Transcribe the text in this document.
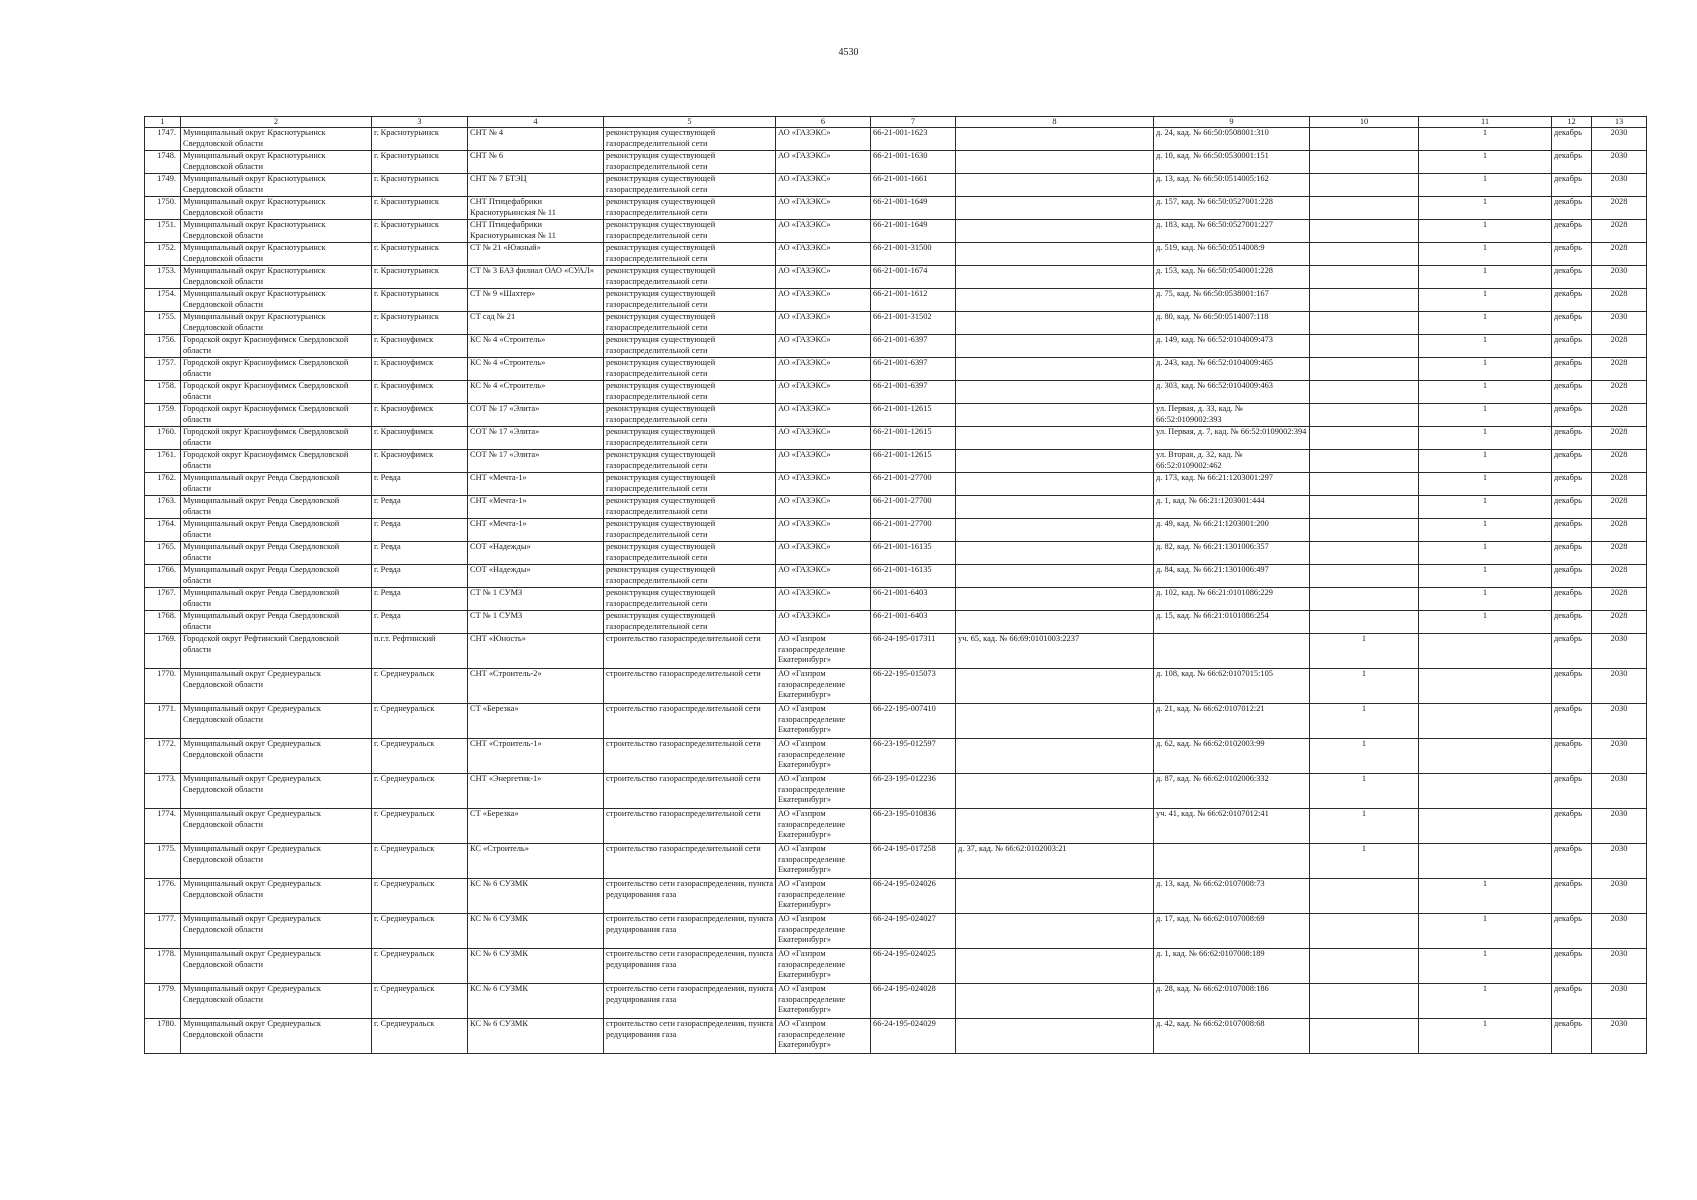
4530
1	2	3	4	5	6	7	8	9	10	11	12	13
1747.	Муниципальный округ Краснотурьинск Свердловской области	г. Краснотурьинск	СНТ № 4	реконструкция существующей газораспределительной сети	АО «ГАЗЭКС»	66-21-001-1623		д. 24, кад. № 66:50:0508001:310		1	декабрь	2030
1748.	Муниципальный округ Краснотурьинск Свердловской области	г. Краснотурьинск	СНТ № 6	реконструкция существующей газораспределительной сети	АО «ГАЗЭКС»	66-21-001-1630		д. 10, кад. № 66:50:0530001:151		1	декабрь	2030
1749.	Муниципальный округ Краснотурьинск Свердловской области	г. Краснотурьинск	СНТ № 7 БТЭЦ	реконструкция существующей газораспределительной сети	АО «ГАЗЭКС»	66-21-001-1661		д. 13, кад. № 66:50:0514005:162		1	декабрь	2030
1750.	Муниципальный округ Краснотурьинск Свердловской области	г. Краснотурьинск	СНТ Птицефабрики Краснотурьинская № 11	реконструкция существующей газораспределительной сети	АО «ГАЗЭКС»	66-21-001-1649		д. 157, кад. № 66:50:0527001:228		1	декабрь	2028
1751.	Муниципальный округ Краснотурьинск Свердловской области	г. Краснотурьинск	СНТ Птицефабрики Краснотурьинская № 11	реконструкция существующей газораспределительной сети	АО «ГАЗЭКС»	66-21-001-1649		д. 183, кад. № 66:50:0527001:227		1	декабрь	2028
1752.	Муниципальный округ Краснотурьинск Свердловской области	г. Краснотурьинск	СТ № 21 «Южный»	реконструкция существующей газораспределительной сети	АО «ГАЗЭКС»	66-21-001-31500		д. 519, кад. № 66:50:0514008:9		1	декабрь	2028
1753.	Муниципальный округ Краснотурьинск Свердловской области	г. Краснотурьинск	СТ № 3 БАЗ филиал ОАО «СУАЛ»	реконструкция существующей газораспределительной сети	АО «ГАЗЭКС»	66-21-001-1674		д. 153, кад. № 66:50:0540001:228		1	декабрь	2030
1754.	Муниципальный округ Краснотурьинск Свердловской области	г. Краснотурьинск	СТ № 9 «Шахтер»	реконструкция существующей газораспределительной сети	АО «ГАЗЭКС»	66-21-001-1612		д. 75, кад. № 66:50:0538001:167		1	декабрь	2028
1755.	Муниципальный округ Краснотурьинск Свердловской области	г. Краснотурьинск	СТ сад № 21	реконструкция существующей газораспределительной сети	АО «ГАЗЭКС»	66-21-001-31502		д. 80, кад. № 66:50:0514007:118		1	декабрь	2030
1756.	Городской округ Красноуфимск Свердловской области	г. Красноуфимск	КС № 4 «Строитель»	реконструкция существующей газораспределительной сети	АО «ГАЗЭКС»	66-21-001-6397		д. 149, кад. № 66:52:0104009:473		1	декабрь	2028
1757.	Городской округ Красноуфимск Свердловской области	г. Красноуфимск	КС № 4 «Строитель»	реконструкция существующей газораспределительной сети	АО «ГАЗЭКС»	66-21-001-6397		д. 243, кад. № 66:52:0104009:465		1	декабрь	2028
1758.	Городской округ Красноуфимск Свердловской области	г. Красноуфимск	КС № 4 «Строитель»	реконструкция существующей газораспределительной сети	АО «ГАЗЭКС»	66-21-001-6397		д. 303, кад. № 66:52:0104009:463		1	декабрь	2028
1759.	Городской округ Красноуфимск Свердловской области	г. Красноуфимск	СОТ № 17 «Элита»	реконструкция существующей газораспределительной сети	АО «ГАЗЭКС»	66-21-001-12615		ул. Первая, д. 33, кад. № 66:52:0109002:393		1	декабрь	2028
1760.	Городской округ Красноуфимск Свердловской области	г. Красноуфимск	СОТ № 17 «Элита»	реконструкция существующей газораспределительной сети	АО «ГАЗЭКС»	66-21-001-12615		ул. Первая, д. 7, кад. № 66:52:0109002:394		1	декабрь	2028
1761.	Городской округ Красноуфимск Свердловской области	г. Красноуфимск	СОТ № 17 «Элита»	реконструкция существующей газораспределительной сети	АО «ГАЗЭКС»	66-21-001-12615		ул. Вторая, д. 32, кад. № 66:52:0109002:462		1	декабрь	2028
1762.	Муниципальный округ Ревда Свердловской области	г. Ревда	СНТ «Мечта-1»	реконструкция существующей газораспределительной сети	АО «ГАЗЭКС»	66-21-001-27700		д. 173, кад. № 66:21:1203001:297		1	декабрь	2028
1763.	Муниципальный округ Ревда Свердловской области	г. Ревда	СНТ «Мечта-1»	реконструкция существующей газораспределительной сети	АО «ГАЗЭКС»	66-21-001-27700		д. 1, кад. № 66:21:1203001:444		1	декабрь	2028
1764.	Муниципальный округ Ревда Свердловской области	г. Ревда	СНТ «Мечта-1»	реконструкция существующей газораспределительной сети	АО «ГАЗЭКС»	66-21-001-27700		д. 49, кад. № 66:21:1203001:200		1	декабрь	2028
1765.	Муниципальный округ Ревда Свердловской области	г. Ревда	СОТ «Надежды»	реконструкция существующей газораспределительной сети	АО «ГАЗЭКС»	66-21-001-16135		д. 82, кад. № 66:21:1301006:357		1	декабрь	2028
1766.	Муниципальный округ Ревда Свердловской области	г. Ревда	СОТ «Надежды»	реконструкция существующей газораспределительной сети	АО «ГАЗЭКС»	66-21-001-16135		д. 84, кад. № 66:21:1301006:497		1	декабрь	2028
1767.	Муниципальный округ Ревда Свердловской области	г. Ревда	СТ № 1 СУМЗ	реконструкция существующей газораспределительной сети	АО «ГАЗЭКС»	66-21-001-6403		д. 102, кад. № 66:21:0101086:229		1	декабрь	2028
1768.	Муниципальный округ Ревда Свердловской области	г. Ревда	СТ № 1 СУМЗ	реконструкция существующей газораспределительной сети	АО «ГАЗЭКС»	66-21-001-6403		д. 15, кад. № 66:21:0101086:254		1	декабрь	2028
1769.	Городской округ Рефтинский Свердловской области	п.г.т. Рефтинский	СНТ «Юность»	строительство газораспределительной сети	АО «Газпром газораспределение Екатеринбург»	66-24-195-017311	уч. 65, кад. № 66:69:0101003:2237		1		декабрь	2030
1770.	Муниципальный округ Среднеуральск Свердловской области	г. Среднеуральск	СНТ «Строитель-2»	строительство газораспределительной сети	АО «Газпром газораспределение Екатеринбург»	66-22-195-015073		д. 108, кад. № 66:62:0107015:105	1		декабрь	2030
1771.	Муниципальный округ Среднеуральск Свердловской области	г. Среднеуральск	СТ «Березка»	строительство газораспределительной сети	АО «Газпром газораспределение Екатеринбург»	66-22-195-007410		д. 21, кад. № 66:62:0107012:21	1		декабрь	2030
1772.	Муниципальный округ Среднеуральск Свердловской области	г. Среднеуральск	СНТ «Строитель-1»	строительство газораспределительной сети	АО «Газпром газораспределение Екатеринбург»	66-23-195-012597		д. 62, кад. № 66:62:0102003:99	1		декабрь	2030
1773.	Муниципальный округ Среднеуральск Свердловской области	г. Среднеуральск	СНТ «Энергетик-1»	строительство газораспределительной сети	АО «Газпром газораспределение Екатеринбург»	66-23-195-012236		д. 87, кад. № 66:62:0102006:332	1		декабрь	2030
1774.	Муниципальный округ Среднеуральск Свердловской области	г. Среднеуральск	СТ «Березка»	строительство газораспределительной сети	АО «Газпром газораспределение Екатеринбург»	66-23-195-010836		уч. 41, кад. № 66:62:0107012:41	1		декабрь	2030
1775.	Муниципальный округ Среднеуральск Свердловской области	г. Среднеуральск	КС «Строитель»	строительство газораспределительной сети	АО «Газпром газораспределение Екатеринбург»	66-24-195-017258	д. 37, кад. № 66:62:0102003:21		1		декабрь	2030
1776.	Муниципальный округ Среднеуральск Свердловской области	г. Среднеуральск	КС № 6 СУЗМК	строительство сети газораспределения, пункта редуцирования газа	АО «Газпром газораспределение Екатеринбург»	66-24-195-024026		д. 13, кад. № 66:62:0107008:73		1	декабрь	2030
1777.	Муниципальный округ Среднеуральск Свердловской области	г. Среднеуральск	КС № 6 СУЗМК	строительство сети газораспределения, пункта редуцирования газа	АО «Газпром газораспределение Екатеринбург»	66-24-195-024027		д. 17, кад. № 66:62:0107008:69		1	декабрь	2030
1778.	Муниципальный округ Среднеуральск Свердловской области	г. Среднеуральск	КС № 6 СУЗМК	строительство сети газораспределения, пункта редуцирования газа	АО «Газпром газораспределение Екатеринбург»	66-24-195-024025		д. 1, кад. № 66:62:0107008:189		1	декабрь	2030
1779.	Муниципальный округ Среднеуральск Свердловской области	г. Среднеуральск	КС № 6 СУЗМК	строительство сети газораспределения, пункта редуцирования газа	АО «Газпром газораспределение Екатеринбург»	66-24-195-024028		д. 28, кад. № 66:62:0107008:186		1	декабрь	2030
1780.	Муниципальный округ Среднеуральск Свердловской области	г. Среднеуральск	КС № 6 СУЗМК	строительство сети газораспределения, пункта редуцирования газа	АО «Газпром газораспределение Екатеринбург»	66-24-195-024029		д. 42, кад. № 66:62:0107008:68		1	декабрь	2030
